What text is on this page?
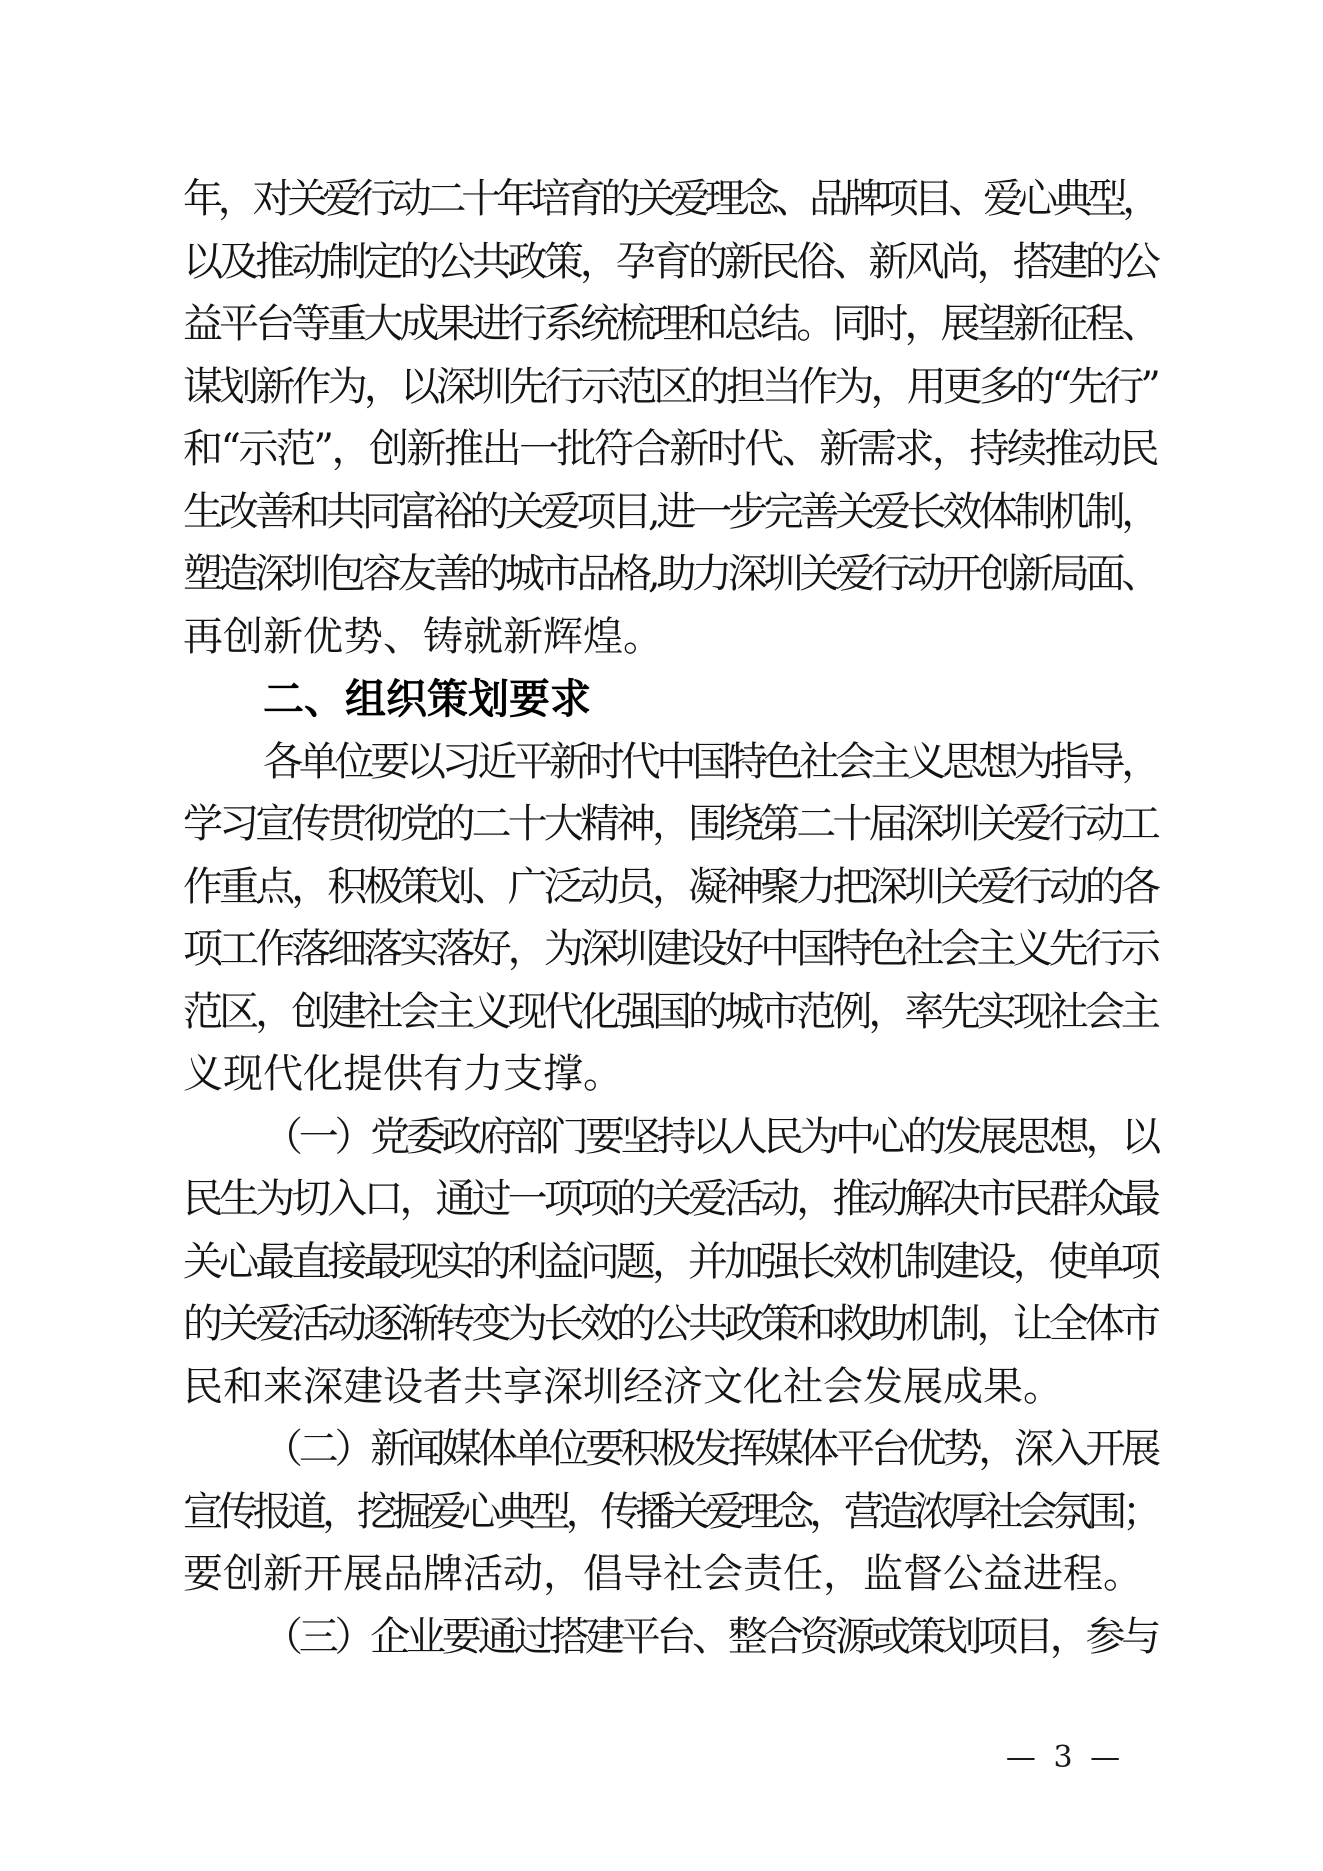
年，对关爱行动二十年培育的关爱理念、品牌项目、爱心典型，
以及推动制定的公共政策，孕育的新民俗、新风尚，搭建的公
益平台等重大成果进行系统梳理和总结。同时，展望新征程、
谋划新作为，以深圳先行示范区的担当作为，用更多的“先行”
和“示范”，创新推出一批符合新时代、新需求，持续推动民
生改善和共同富裕的关爱项目,进一步完善关爱长效体制机制，
塑造深圳包容友善的城市品格,助力深圳关爱行动开创新局面、
再创新优势、铸就新辉煌。
二、组织策划要求
各单位要以习近平新时代中国特色社会主义思想为指导，
学习宣传贯彻党的二十大精神，围绕第二十届深圳关爱行动工
作重点，积极策划、广泛动员，凝神聚力把深圳关爱行动的各
项工作落细落实落好，为深圳建设好中国特色社会主义先行示
范区，创建社会主义现代化强国的城市范例，率先实现社会主
义现代化提供有力支撑。
（一）党委政府部门要坚持以人民为中心的发展思想，以
民生为切入口，通过一项项的关爱活动，推动解决市民群众最
关心最直接最现实的利益问题，并加强长效机制建设，使单项
的关爱活动逐渐转变为长效的公共政策和救助机制，让全体市
民和来深建设者共享深圳经济文化社会发展成果。
（二）新闻媒体单位要积极发挥媒体平台优势，深入开展
宣传报道，挖掘爱心典型，传播关爱理念，营造浓厚社会氛围；
要创新开展品牌活动，倡导社会责任，监督公益进程。
（三）企业要通过搭建平台、整合资源或策划项目，参与
— 3 —
